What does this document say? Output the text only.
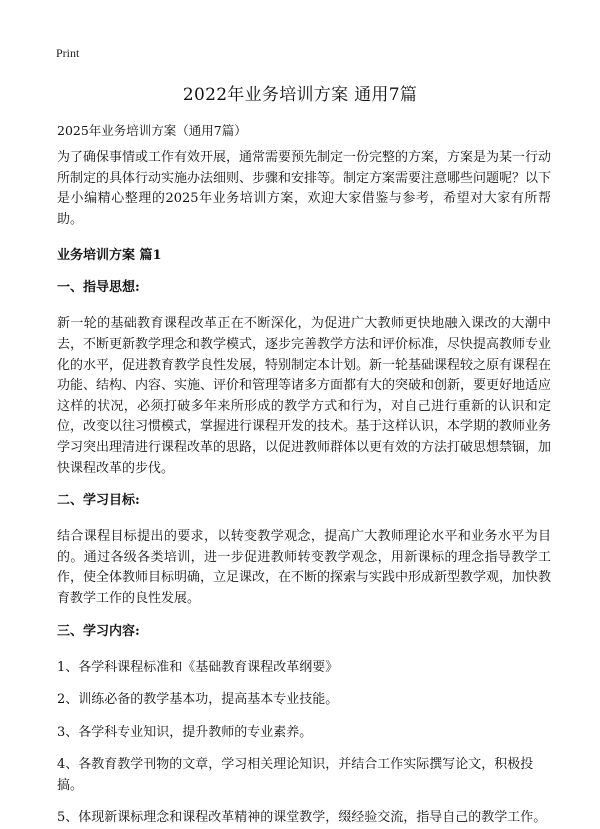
Print
2022年业务培训方案 通用7篇

2025年业务培训方案（通用7篇）

为了确保事情或工作有效开展，通常需要预先制定一份完整的方案，方案是为某一行动所制定的具体行动实施办法细则、步骤和安排等。制定方案需要注意哪些问题呢？以下是小编精心整理的2025年业务培训方案，欢迎大家借鉴与参考，希望对大家有所帮助。

业务培训方案 篇1

一、指导思想:

新一轮的基础教育课程改革正在不断深化，为促进广大教师更快地融入课改的大潮中去，不断更新教学理念和教学模式，逐步完善教学方法和评价标准，尽快提高教师专业化的水平，促进教育教学良性发展，特别制定本计划。新一轮基础课程较之原有课程在功能、结构、内容、实施、评价和管理等诸多方面都有大的突破和创新，要更好地适应这样的状况，必须打破多年来所形成的教学方式和行为，对自己进行重新的认识和定位，改变以往习惯模式，掌握进行课程开发的技术。基于这样认识，本学期的教师业务学习突出理清进行课程改革的思路，以促进教师群体以更有效的方法打破思想禁锢，加快课程改革的步伐。

二、学习目标:

结合课程目标提出的要求，以转变教学观念，提高广大教师理论水平和业务水平为目的。通过各级各类培训，进一步促进教师转变教学观念，用新课标的理念指导教学工作，使全体教师目标明确，立足课改，在不断的探索与实践中形成新型教学观，加快教育教学工作的良性发展。

三、学习内容:

1、各学科课程标准和《基础教育课程改革纲要》

2、训练必备的教学基本功，提高基本专业技能。

3、各学科专业知识，提升教师的专业素养。

4、各教育教学刊物的文章，学习相关理论知识，并结合工作实际撰写论文，积极投搞。

5、体现新课标理念和课程改革精神的课堂教学，缀经验交流，指导自己的教学工作。
